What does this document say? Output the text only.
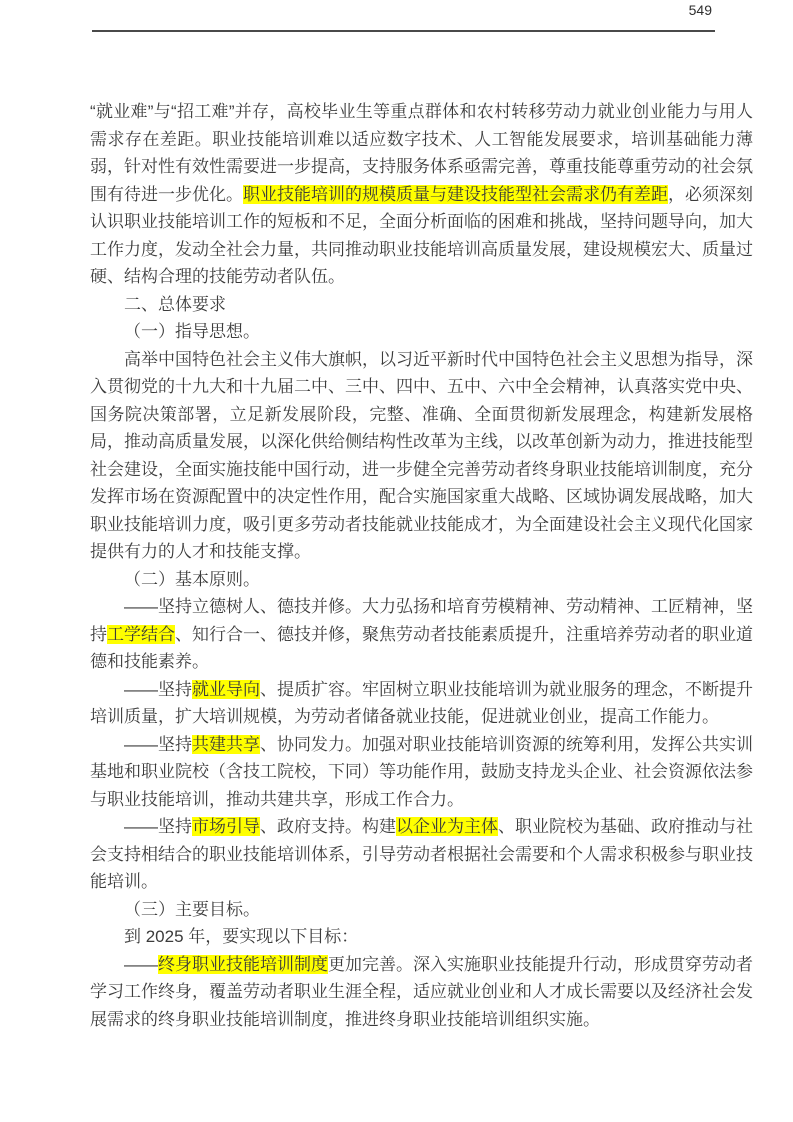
549

“就业难”与“招工难”并存，高校毕业生等重点群体和农村转移劳动力就业创业能力与用人需求存在差距。职业技能培训难以适应数字技术、人工智能发展要求，培训基础能力薄弱，针对性有效性需要进一步提高，支持服务体系亟需完善，尊重技能尊重劳动的社会氛围有待进一步优化。职业技能培训的规模质量与建设技能型社会需求仍有差距，必须深刻认识职业技能培训工作的短板和不足，全面分析面临的困难和挑战，坚持问题导向，加大工作力度，发动全社会力量，共同推动职业技能培训高质量发展，建设规模宏大、质量过硬、结构合理的技能劳动者队伍。

二、总体要求

（一）指导思想。

高举中国特色社会主义伟大旗帜，以习近平新时代中国特色社会主义思想为指导，深入贯彻党的十九大和十九届二中、三中、四中、五中、六中全会精神，认真落实党中央、国务院决策部署，立足新发展阶段，完整、准确、全面贯彻新发展理念，构建新发展格局，推动高质量发展，以深化供给侧结构性改革为主线，以改革创新为动力，推进技能型社会建设，全面实施技能中国行动，进一步健全完善劳动者终身职业技能培训制度，充分发挥市场在资源配置中的决定性作用，配合实施国家重大战略、区域协调发展战略，加大职业技能培训力度，吸引更多劳动者技能就业技能成才，为全面建设社会主义现代化国家提供有力的人才和技能支撑。

（二）基本原则。

——坚持立德树人、德技并修。大力弘扬和培育劳模精神、劳动精神、工匠精神，坚持工学结合、知行合一、德技并修，聚焦劳动者技能素质提升，注重培养劳动者的职业道德和技能素养。

——坚持就业导向、提质扩容。牢固树立职业技能培训为就业服务的理念，不断提升培训质量，扩大培训规模，为劳动者储备就业技能，促进就业创业，提高工作能力。

——坚持共建共享、协同发力。加强对职业技能培训资源的统筹利用，发挥公共实训基地和职业院校（含技工院校，下同）等功能作用，鼓励支持龙头企业、社会资源依法参与职业技能培训，推动共建共享，形成工作合力。

——坚持市场引导、政府支持。构建以企业为主体、职业院校为基础、政府推动与社会支持相结合的职业技能培训体系，引导劳动者根据社会需要和个人需求积极参与职业技能培训。

（三）主要目标。

到 2025 年，要实现以下目标：

——终身职业技能培训制度更加完善。深入实施职业技能提升行动，形成贯穿劳动者学习工作终身，覆盖劳动者职业生涯全程，适应就业创业和人才成长需要以及经济社会发展需求的终身职业技能培训制度，推进终身职业技能培训组织实施。
